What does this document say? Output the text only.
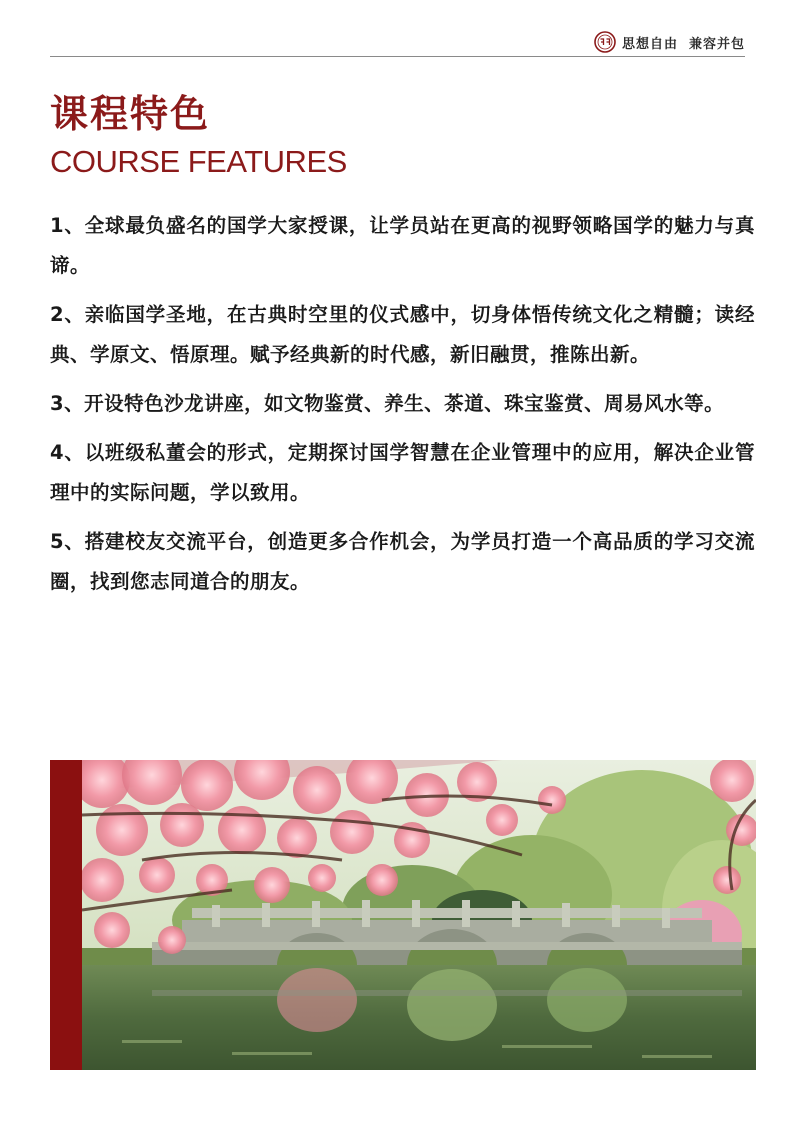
思想自由  兼容并包
课程特色
COURSE FEATURES
1、全球最负盛名的国学大家授课，让学员站在更高的视野领略国学的魅力与真谛。
2、亲临国学圣地，在古典时空里的仪式感中，切身体悟传统文化之精髓；读经典、学原文、悟原理。赋予经典新的时代感，新旧融贯，推陈出新。
3、开设特色沙龙讲座，如文物鉴赏、养生、茶道、珠宝鉴赏、周易风水等。
4、以班级私董会的形式，定期探讨国学智慧在企业管理中的应用，解决企业管理中的实际问题，学以致用。
5、搭建校友交流平台，创造更多合作机会，为学员打造一个高品质的学习交流圈，找到您志同道合的朋友。
